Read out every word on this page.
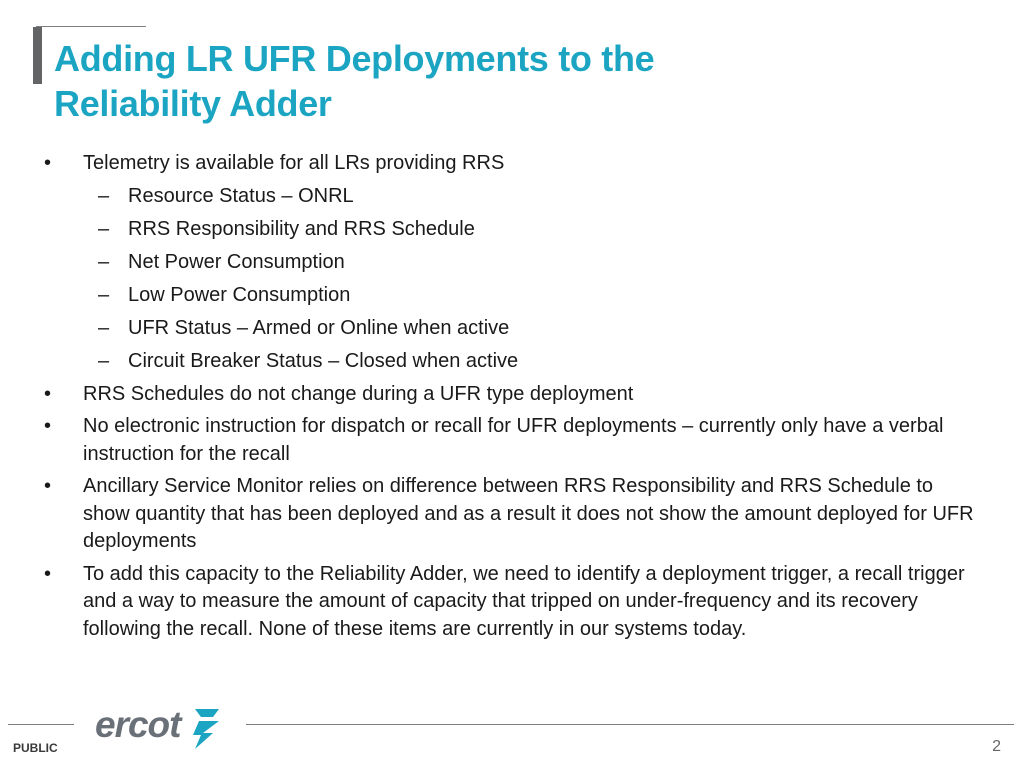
Adding LR UFR Deployments to the
Reliability Adder
• Telemetry is available for all LRs providing RRS
– Resource Status – ONRL
– RRS Responsibility and RRS Schedule
– Net Power Consumption
– Low Power Consumption
– UFR Status – Armed or Online when active
– Circuit Breaker Status – Closed when active
• RRS Schedules do not change during a UFR type deployment
• No electronic instruction for dispatch or recall for UFR deployments – currently only have a verbal instruction for the recall
• Ancillary Service Monitor relies on difference between RRS Responsibility and RRS Schedule to show quantity that has been deployed and as a result it does not show the amount deployed for UFR deployments
• To add this capacity to the Reliability Adder, we need to identify a deployment trigger, a recall trigger and a way to measure the amount of capacity that tripped on under-frequency and its recovery following the recall. None of these items are currently in our systems today.
ercot
PUBLIC	2
